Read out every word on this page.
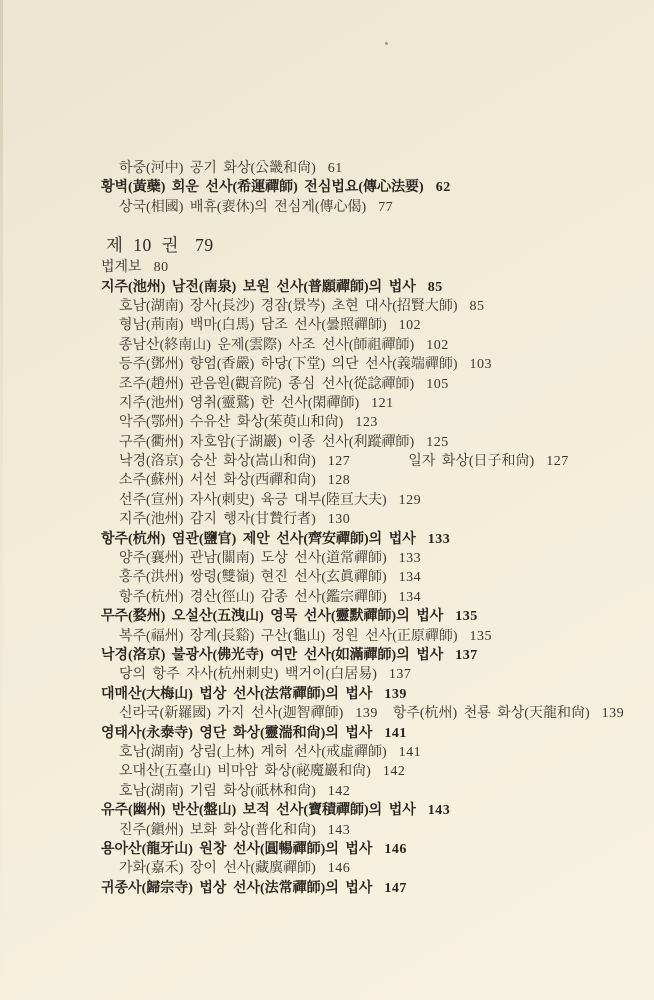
하중(河中) 공기 화상(公畿和尙) 61
황벽(黃蘗) 회운 선사(希運禪師) 전심법요(傳心法要) 62
상국(相國) 배휴(裵休)의 전심게(傳心偈) 77
제 10 권 79
법계보 80
지주(池州) 남전(南泉) 보원 선사(普願禪師)의 법사 85
호남(湖南) 장사(長沙) 경잠(景岑) 초현 대사(招賢大師) 85
형남(荊南) 백마(白馬) 담조 선사(曇照禪師) 102
종남산(終南山) 운제(雲際) 사조 선사(師祖禪師) 102
등주(鄧州) 향엄(香嚴) 하당(下堂) 의단 선사(義端禪師) 103
조주(趙州) 관음원(觀音院) 종심 선사(從諗禪師) 105
지주(池州) 영취(靈鷲) 한 선사(閑禪師) 121
악주(鄂州) 수유산 화상(茱萸山和尙) 123
구주(衢州) 자호암(子湖巖) 이종 선사(利蹤禪師) 125
낙경(洛京) 숭산 화상(嵩山和尙) 127	일자 화상(日子和尙) 127
소주(蘇州) 서선 화상(西禪和尙) 128
선주(宣州) 자사(刺史) 육긍 대부(陸亘大夫) 129
지주(池州) 감지 행자(甘贄行者) 130
항주(杭州) 염관(鹽官) 제안 선사(齊安禪師)의 법사 133
양주(襄州) 관남(關南) 도상 선사(道常禪師) 133
홍주(洪州) 쌍령(雙嶺) 현진 선사(玄眞禪師) 134
항주(杭州) 경산(徑山) 감종 선사(鑑宗禪師) 134
무주(婺州) 오설산(五洩山) 영묵 선사(靈默禪師)의 법사 135
복주(福州) 장계(長谿) 구산(龜山) 정원 선사(正原禪師) 135
낙경(洛京) 불광사(佛光寺) 여만 선사(如滿禪師)의 법사 137
당의 항주 자사(杭州刺史) 백거이(白居易) 137
대매산(大梅山) 법상 선사(法常禪師)의 법사 139
신라국(新羅國) 가지 선사(迦智禪師) 139 항주(杭州) 천룡 화상(天龍和尙) 139
영태사(永泰寺) 영단 화상(靈湍和尙)의 법사 141
호남(湖南) 상림(上林) 계허 선사(戒虛禪師) 141
오대산(五臺山) 비마암 화상(祕魔巖和尙) 142
호남(湖南) 기림 화상(祇林和尙) 142
유주(幽州) 반산(盤山) 보적 선사(寶積禪師)의 법사 143
진주(鎭州) 보화 화상(普化和尙) 143
용아산(龍牙山) 원창 선사(圓暢禪師)의 법사 146
가화(嘉禾) 장이 선사(藏廙禪師) 146
귀종사(歸宗寺) 법상 선사(法常禪師)의 법사 147
